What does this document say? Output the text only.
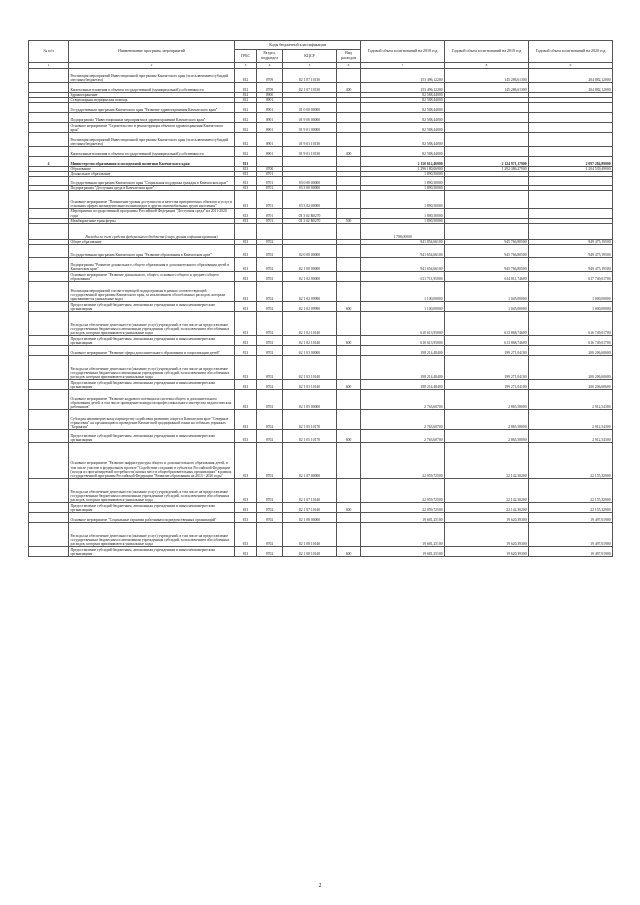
№ п/п	Наименование программ, мероприятий	Коды бюджетной классификации				Годовой объем ассигнований на 2018 год	Годовой объем ассигнований на 2019 год	Годовой объем ассигнований на 2020 год
		ГРБС	Раздел, подраздел	КЦСР	Вид расходов			
1	2	3	4	5	6	7	8	9
	Реализация мероприятий Инвестиционной программы Камчатского края (за исключением субсидий местным бюджетам)	812	0709	02 1 07 10130		153 496,12200	145 286,61300	204 882,12000
	Капитальные вложения в объекты государственной (муниципальной) собственности	812	0709	02 1 07 10130	400	153 496,12200	145 286,61300	204 882,12000
	Здравоохранение	812	0900			82 588,44000		
	Стационарная медицинская помощь	812	0901			82 588,44000		
	Государственная программа Камчатского края "Развитие здравоохранения Камчатского края"	812	0901	01 0 00 00000		82 588,44000		
	Подпрограмма "Инвестиционные мероприятия в здравоохранении Камчатского края"	812	0901	01 9 00 00000		82 588,44000		
	Основное мероприятие "Строительство и реконструкция объектов здравоохранения Камчатского края"	812	0901	01 9 01 00000		82 588,44000		
	Реализация мероприятий Инвестиционной программы Камчатского края (за исключением субсидий местным бюджетам)	812	0901	01 9 01 10130		82 588,44000		
	Капитальные вложения в объекты государственной (муниципальной) собственности	812	0901	01 9 01 10130	400	82 588,44000		
4	Министерство образования и молодежной политики Камчатского края	813				2 150 612,46900	2 124 971,17900	2 097 284,89000
	Образование	813	0700			1 296 180,06900	1 292 386,27900	1 204 539,49000
	Дошкольное образование	813	0701			1 890,50000		
	Государственная программа Камчатского края "Социальная поддержка граждан в Камчатском крае"	813	0701	03 0 00 00000		1 890,50000		
	Подпрограмма "Доступная среда в Камчатском крае"	813	0701	03 3 00 00000		1 890,50000		
	Основное мероприятие "Повышение уровня доступности и качества приоритетных объектов и услуг в основных сферах жизнедеятельности инвалидов и других маломобильных групп населения"	813	0701	03 3 02 00000		1 890,50000		
	Мероприятия государственной программы Российской Федерации "Доступная среда" на 2011-2020 годы	813	0701	03 3 02 R0270		1 890,50000		
	Межбюджетные трансферты	813	0701	03 3 02 R0270	500	1 890,50000		
	Расходы за счет средств федерального бюджета (сверх уровня софинансирования)					1 798,00000		
	Общее образование	813	0702			941 854,66100	945 766,80500	949 475,19500
	Государственная программа Камчатского края "Развитие образования в Камчатском крае"	813	0702	02 0 00 00000		941 654,66100	945 766,80500	949 475,19500
	Подпрограмма "Развитие дошкольного, общего образования и дополнительного образования детей в Камчатском крае"	813	0702	02 1 00 00000		941 654,66100	945 766,80500	949 475,19500
	Основное мероприятие "Развитие дошкольного, общего, основного общего и среднего общего образования"	813	0702	02 1 02 00000		611 713,95000	614 811,74600	617 749,01700
	Реализация мероприятий соответствующей подпрограммы в рамках соответствующей государственной программы Камчатского края, за исключением обособленных расходов, которым присваиваются уникальные коды	813	0702	02 1 02 09990		1 100,00000	1 045,00000	1 000,00000
	Предоставление субсидий бюджетным, автономным учреждениям и иным некоммерческим организациям	813	0702	02 1 02 09990	600	1 100,00000	1 045,00000	1 000,00000
	Расходы на обеспечение деятельности (оказание услуг) учреждений, в том числе на предоставление государственным бюджетным и автономным учреждениям субсидий, за исключением обособленных расходов, которым присваиваются уникальные коды	813	0702	02 1 02 10140		610 613,95000	613 868,74600	616 749,01700
	Предоставление субсидий бюджетным, автономным учреждениям и иным некоммерческим организациям	813	0702	02 1 02 10140	600	610 613,95000	613 868,74600	616 749,01700
	Основное мероприятие "Развитие сферы дополнительного образования и социализации детей"	813	0702	02 1 03 00000		198 214,48400	199 271,04100	200 206,60600
	Расходы на обеспечение деятельности (оказание услуг) учреждений, в том числе на предоставление государственным бюджетным и автономным учреждениям субсидий, за исключением обособленных расходов, которым присваиваются уникальные коды	813	0702	02 1 03 10140		198 214,48400	199 271,04100	200 206,60600
	Предоставление субсидий бюджетным, автономным учреждениям и иным некоммерческим организациям	813	0702	02 1 03 10140	600	198 214,48400	199 271,04100	200 206,60600
	Основное мероприятие "Развитие кадрового потенциала системы общего и дополнительного образования детей, в том числе проведение конкурсов профессионального мастерства педагогических работников"	813	0702	02 1 05 00000		2 763,60700	2 865,58000	2 912,54300
	Субсидия некоммерческому партнерству содействия развитию спорта в Камчатском крае "Северные странствия" на организацию и проведение Камчатской традиционной гонки на собачьих упряжках "Берингия"	813	0702	02 1 05 10170		2 763,60700	2 865,58000	2 912,54300
	Предоставление субсидий бюджетным, автономным учреждениям и иным некоммерческим организациям	813	0702	02 1 05 10170	600	2 763,60700	2 865,58000	2 912,54300
	Основное мероприятие "Развитие инфраструктуры общего и дополнительного образования детей, в том числе участие в федеральном проекте "Содействие созданию в субъектах Российской Федерации (исходя из прогнозируемой потребности) новых мест в общеобразовательных организациях" в рамках государственной программы Российской Федерации "Развитие образования на 2013 - 2020 годы"	813	0702	02 1 07 00000		22 059,72500	22 142,30200	22 155,32900
	Расходы на обеспечение деятельности (оказание услуг) учреждений, в том числе на предоставление государственным бюджетным и автономным учреждениям субсидий, за исключением обособленных расходов, которым присваиваются уникальные коды	813	0702	02 1 07 10140		22 059,72500	22 142,30200	22 155,32900
	Предоставление субсидий бюджетным, автономным учреждениям и иным некоммерческим организациям	813	0702	02 1 07 10140	600	22 059,72500	22 142,30200	22 155,32900
	Основное мероприятие "Социальные гарантии работникам подведомственных организаций"	813	0702	02 1 08 00000		19 681,25100	19 620,39300	19 497,01900
	Расходы на обеспечение деятельности (оказание услуг) учреждений, в том числе на предоставление государственным бюджетным и автономным учреждениям субсидий, за исключением обособленных расходов, которым присваиваются уникальные коды	813	0702	02 1 08 10140		19 681,25100	19 620,39300	19 497,01900
	Предоставление субсидий бюджетным, автономным учреждениям и иным некоммерческим организациям	813	0702	02 1 08 10140	600	19 681,25100	19 620,39300	19 497,01900
2
